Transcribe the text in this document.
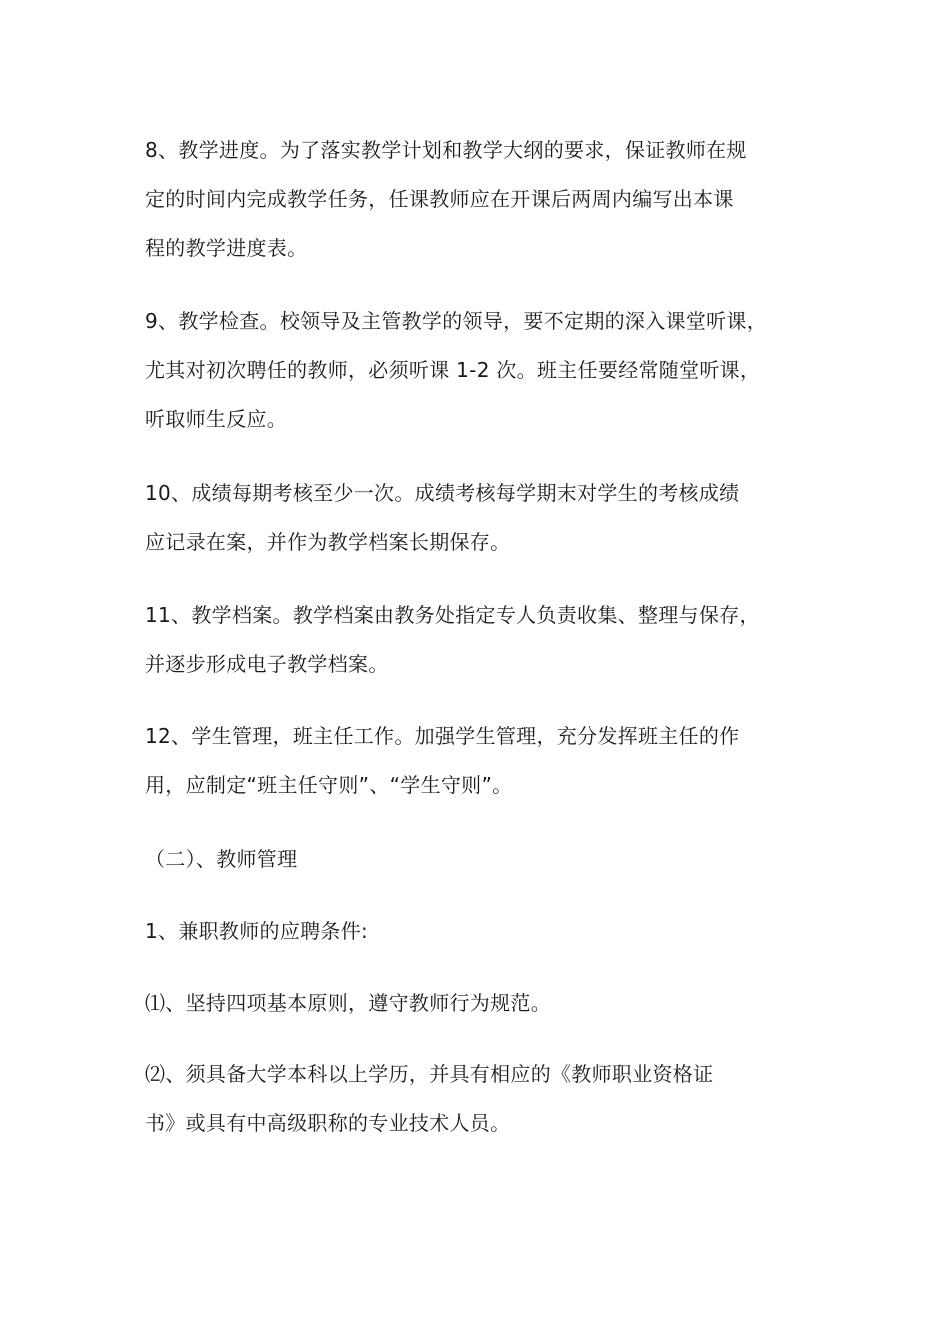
8、教学进度。为了落实教学计划和教学大纲的要求，保证教师在规
定的时间内完成教学任务，任课教师应在开课后两周内编写出本课
程的教学进度表。

9、教学检查。校领导及主管教学的领导，要不定期的深入课堂听课，
尤其对初次聘任的教师，必须听课 1-2 次。班主任要经常随堂听课，
听取师生反应。

10、成绩每期考核至少一次。成绩考核每学期末对学生的考核成绩
应记录在案，并作为教学档案长期保存。

11、教学档案。教学档案由教务处指定专人负责收集、整理与保存，
并逐步形成电子教学档案。

12、学生管理，班主任工作。加强学生管理，充分发挥班主任的作
用，应制定“班主任守则”、“学生守则”。

（二）、教师管理

1、兼职教师的应聘条件:

⑴、坚持四项基本原则，遵守教师行为规范。

⑵、须具备大学本科以上学历，并具有相应的《教师职业资格证
书》或具有中高级职称的专业技术人员。
